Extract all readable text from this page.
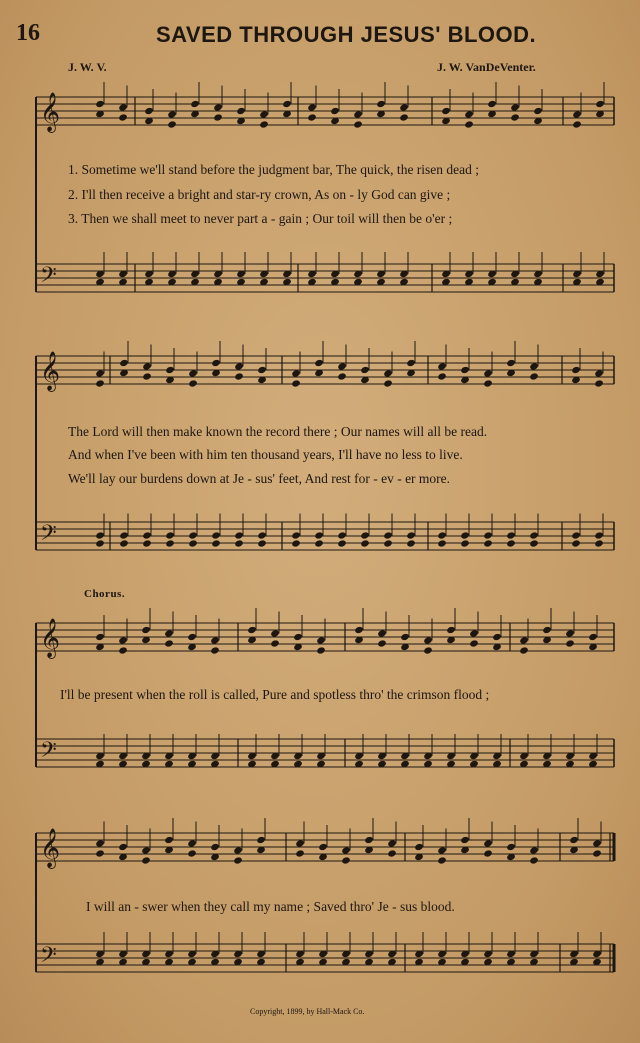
16	SAVED THROUGH JESUS' BLOOD.
J. W. V.	J. W. VanDeVenter.
𝄞
𝄢
𝄞
𝄢
𝄞
𝄢
𝄞
𝄢
1. Sometime we'll stand before the judgment bar, The quick, the risen dead ;
2. I'll then receive a bright and star-ry crown, As on - ly God can give ;
3. Then we shall meet to never part a - gain ; Our toil will then be o'er ;
The Lord will then make known the record there ; Our names will all be read.
And when I've been with him ten thousand years, I'll have no less to live.
We'll lay our burdens down at Je - sus' feet, And rest for - ev - er more.
Chorus.
I'll be present when the roll is called, Pure and spotless thro' the crimson flood ;
I will an - swer when they call my name ; Saved thro' Je - sus blood.
Copyright, 1899, by Hall-Mack Co.
